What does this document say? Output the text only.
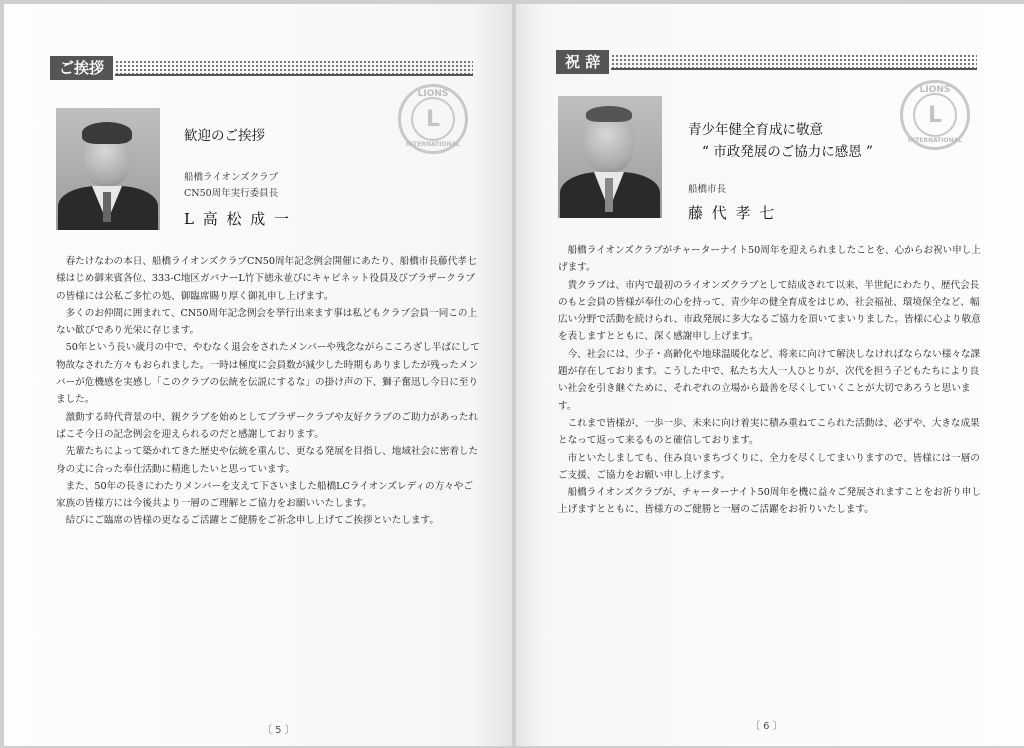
ご挨拶
LIONS
L
INTERNATIONAL
歓迎のご挨拶
船橋ライオンズクラブ
CN50周年実行委員長
L 高 松 成 一

春たけなわの本日、船橋ライオンズクラブCN50周年記念例会開催にあたり、船橋市長藤代孝七様はじめ御来賓各位、333-C地区ガバナーL竹下徳永並びにキャビネット役員及びブラザークラブの皆様には公私ご多忙の処、御臨席賜り厚く御礼申し上げます。

多くのお仲間に囲まれて、CN50周年記念例会を挙行出来ます事は私どもクラブ会員一同この上ない歓びであり光栄に存じます。

50年という長い歳月の中で、やむなく退会をされたメンバーや残念ながらこころざし半ばにして物故なされた方々もおられました。一時は極度に会員数が減少した時期もありましたが残ったメンバーが危機感を実感し「このクラブの伝統を伝説にするな」の掛け声の下、獅子奮迅し今日に至りました。

激動する時代背景の中、親クラブを始めとしてブラザークラブや友好クラブのご助力があったればこそ今日の記念例会を迎えられるのだと感謝しております。

先輩たちによって築かれてきた歴史や伝統を重んじ、更なる発展を目指し、地域社会に密着した身の丈に合った奉仕活動に精進したいと思っています。

また、50年の長きにわたりメンバーを支えて下さいました船橋LCライオンズレディの方々やご家族の皆様方には今後共より一層のご理解とご協力をお願いいたします。

結びにご臨席の皆様の更なるご活躍とご健勝をご祈念申し上げてご挨拶といたします。

〔 5 〕
祝 辞
LIONS
L
INTERNATIONAL
青少年健全育成に敬意
“ 市政発展のご協力に感恩 ”
船橋市長
藤 代 孝 七

船橋ライオンズクラブがチャーターナイト50周年を迎えられましたことを、心からお祝い申し上げます。

貴クラブは、市内で最初のライオンズクラブとして結成されて以来、半世紀にわたり、歴代会長のもと会員の皆様が奉仕の心を持って、青少年の健全育成をはじめ、社会福祉、環境保全など、幅広い分野で活動を続けられ、市政発展に多大なるご協力を頂いてまいりました。皆様に心より敬意を表しますとともに、深く感謝申し上げます。

今、社会には、少子・高齢化や地球温暖化など、将来に向けて解決しなければならない様々な課題が存在しております。こうした中で、私たち大人一人ひとりが、次代を担う子どもたちにより良い社会を引き継ぐために、それぞれの立場から最善を尽くしていくことが大切であろうと思います。

これまで皆様が、一歩一歩、未来に向け着実に積み重ねてこられた活動は、必ずや、大きな成果となって返って来るものと確信しております。

市といたしましても、住み良いまちづくりに、全力を尽くしてまいりますので、皆様には一層のご支援、ご協力をお願い申し上げます。

船橋ライオンズクラブが、チャーターナイト50周年を機に益々ご発展されますことをお祈り申し上げますとともに、皆様方のご健勝と一層のご活躍をお祈りいたします。

〔 6 〕
